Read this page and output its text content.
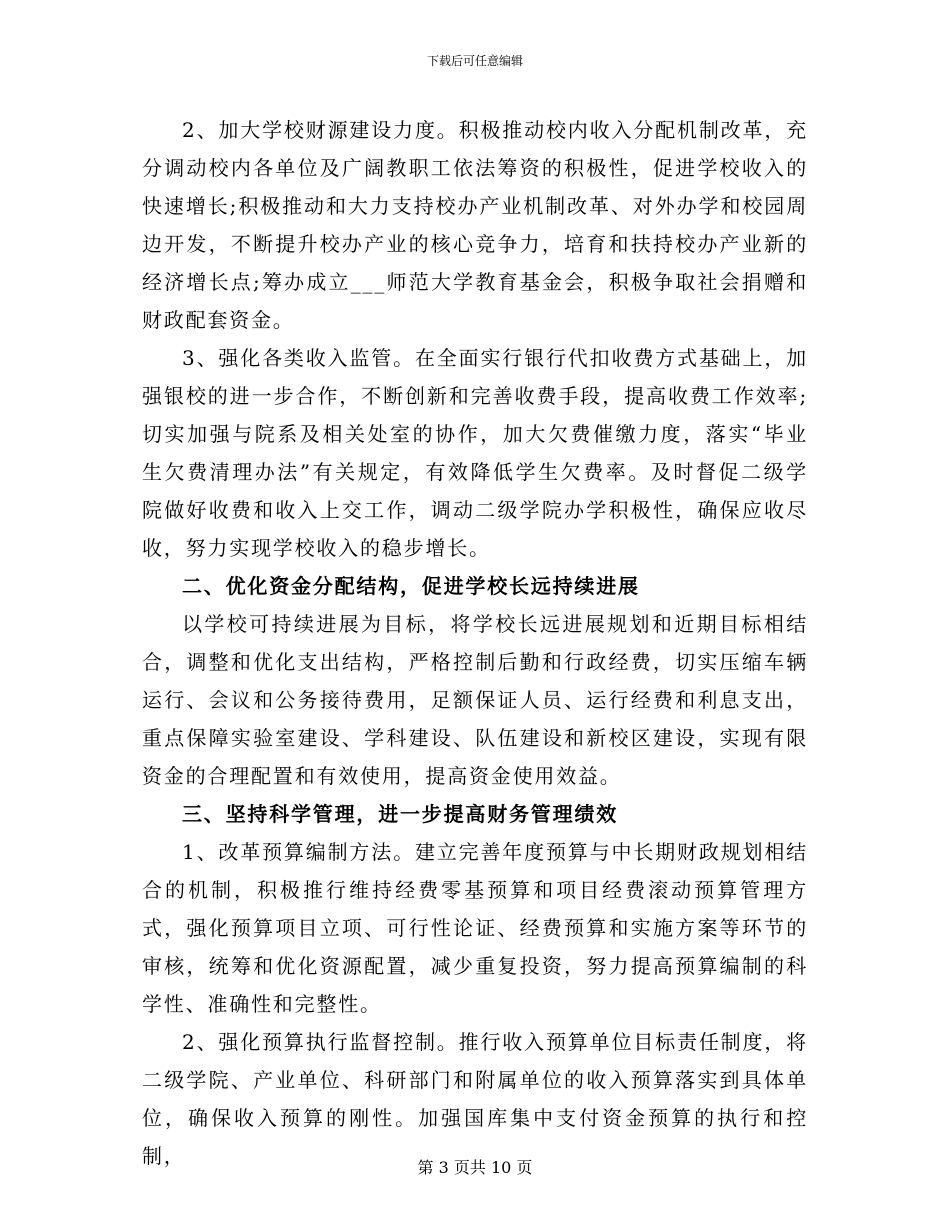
下载后可任意编辑

2、加大学校财源建设力度。积极推动校内收入分配机制改革，充分调动校内各单位及广阔教职工依法筹资的积极性，促进学校收入的快速增长;积极推动和大力支持校办产业机制改革、对外办学和校园周边开发，不断提升校办产业的核心竞争力，培育和扶持校办产业新的经济增长点;筹办成立___师范大学教育基金会，积极争取社会捐赠和财政配套资金。

3、强化各类收入监管。在全面实行银行代扣收费方式基础上，加强银校的进一步合作，不断创新和完善收费手段，提高收费工作效率;切实加强与院系及相关处室的协作，加大欠费催缴力度，落实“毕业生欠费清理办法”有关规定，有效降低学生欠费率。及时督促二级学院做好收费和收入上交工作，调动二级学院办学积极性，确保应收尽收，努力实现学校收入的稳步增长。

二、优化资金分配结构，促进学校长远持续进展

以学校可持续进展为目标，将学校长远进展规划和近期目标相结合，调整和优化支出结构，严格控制后勤和行政经费，切实压缩车辆运行、会议和公务接待费用，足额保证人员、运行经费和利息支出，重点保障实验室建设、学科建设、队伍建设和新校区建设，实现有限资金的合理配置和有效使用，提高资金使用效益。

三、坚持科学管理，进一步提高财务管理绩效

1、改革预算编制方法。建立完善年度预算与中长期财政规划相结合的机制，积极推行维持经费零基预算和项目经费滚动预算管理方式，强化预算项目立项、可行性论证、经费预算和实施方案等环节的审核，统筹和优化资源配置，减少重复投资，努力提高预算编制的科学性、准确性和完整性。

2、强化预算执行监督控制。推行收入预算单位目标责任制度，将二级学院、产业单位、科研部门和附属单位的收入预算落实到具体单位，确保收入预算的刚性。加强国库集中支付资金预算的执行和控制，	第 3 页共 10 页
